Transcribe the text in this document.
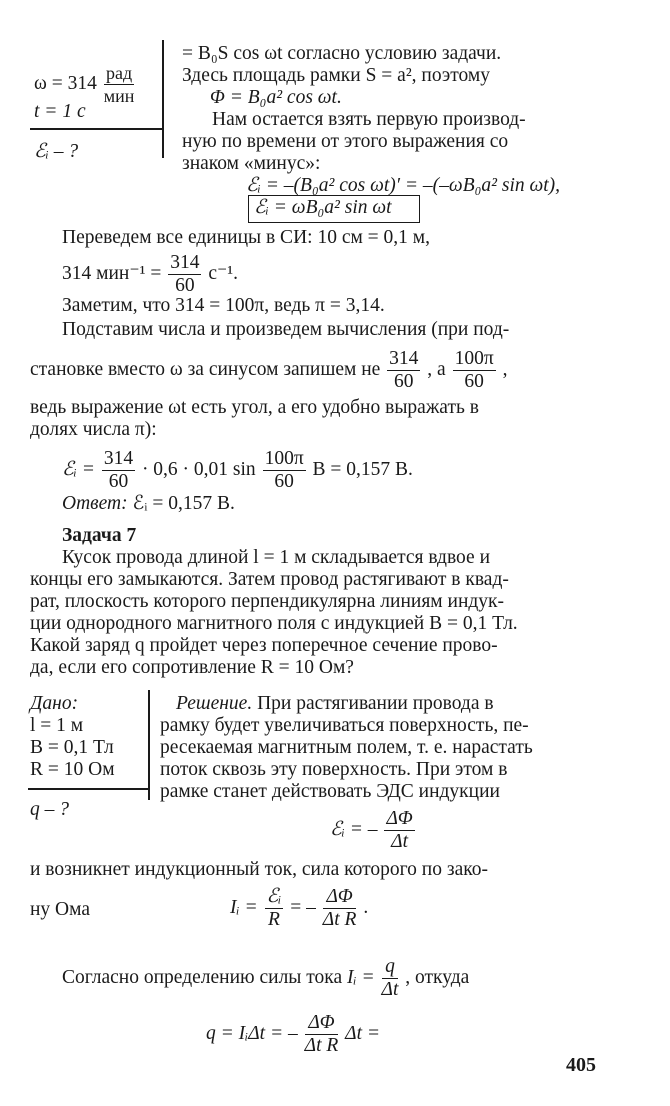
$\omega = 314 \frac{\text{рад}}{\text{мин}}$
t = 1 с
ℰᵢ – ?
= B₀S cos ωt согласно условию задачи.
Здесь площадь рамки S = a², поэтому
Φ = B₀a² cos ωt.
Нам остается взять первую производ-
ную по времени от этого выражения со
знаком «минус»:
ℰᵢ = –(B₀a² cos ωt)′ = –(–ωB₀a² sin ωt),
ℰᵢ = ωB₀a² sin ωt
Переведем все единицы в СИ: 10 см = 0,1 м,
314 $мин^{-1} = \frac{314}{60} с^{-1}$.
Заметим, что 314 = 100π, ведь π = 3,14.
Подставим числа и произведем вычисления (при под-
становке вместо ω за синусом запишем не $\frac{314}{60}$ , а $\frac{100\pi}{60}$ ,
ведь выражение ωt есть угол, а его удобно выражать в
долях числа π):
ℰᵢ = $\frac{314}{60} \cdot 0,6 \cdot 0,01$ $\sin \frac{100\pi}{60}$ В = 0,157 В.
Ответ: ℰᵢ = 0,157 В.
Задача 7
Кусок провода длиной l = 1 м складывается вдвое и
концы его замыкаются. Затем провод растягивают в квад-
рат, плоскость которого перпендикулярна линиям индук-
ции однородного магнитного поля с индукцией B = 0,1 Тл.
Какой заряд q пройдет через поперечное сечение прово-
да, если его сопротивление R = 10 Ом?
Дано:
l = 1 м
B = 0,1 Тл
R = 10 Ом
q – ?
Решение. При растягивании провода в
рамку будет увеличиваться поверхность, пе-
ресекаемая магнитным полем, т. е. нарастать
поток сквозь эту поверхность. При этом в
рамке станет действовать ЭДС индукции
ℰᵢ = – $\frac{\Delta\Phi}{\Delta t}$
и возникнет индукционный ток, сила которого по зако-
ну Ома	Iᵢ = $\frac{\text{ℰᵢ}}{R}$ = – $\frac{\Delta\Phi}{\text{Δt R}}$ .
Согласно определению силы тока Iᵢ = $\frac{q}{\Delta t}$ , откуда
q = IᵢΔt = – $\frac{\Delta\Phi}{\text{Δt R}}$ Δt =
405
